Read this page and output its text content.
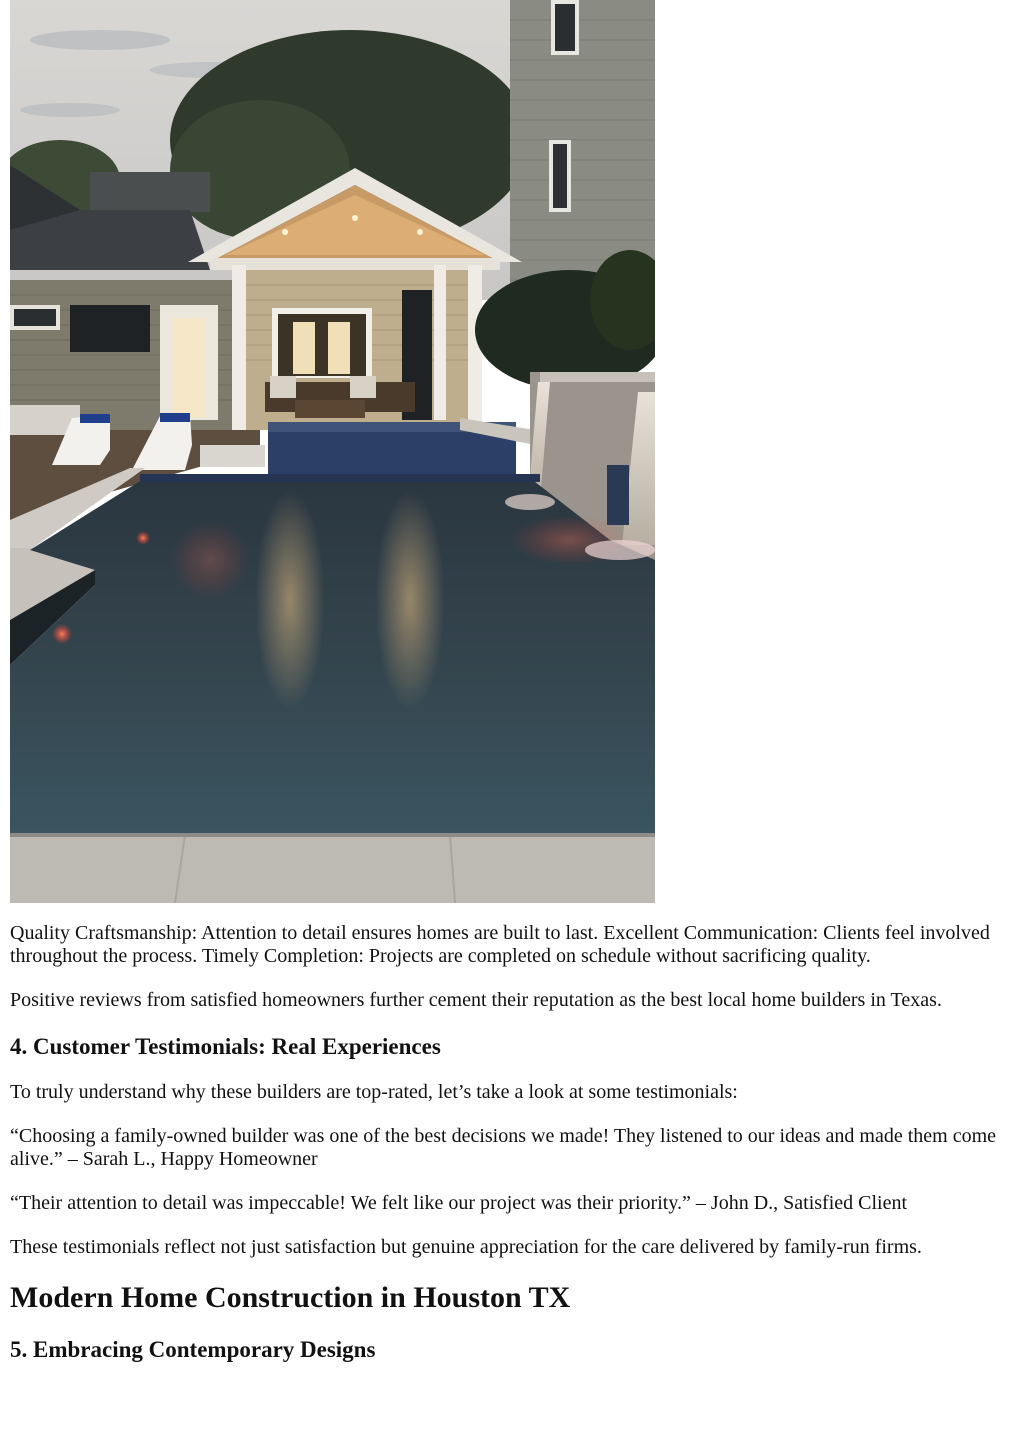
Quality Craftsmanship: Attention to detail ensures homes are built to last. Excellent Communication: Clients feel involved throughout the process. Timely Completion: Projects are completed on schedule without sacrificing quality.

Positive reviews from satisfied homeowners further cement their reputation as the best local home builders in Texas.

4. Customer Testimonials: Real Experiences

To truly understand why these builders are top-rated, let’s take a look at some testimonials:

“Choosing a family-owned builder was one of the best decisions we made! They listened to our ideas and made them come alive.” – Sarah L., Happy Homeowner

“Their attention to detail was impeccable! We felt like our project was their priority.” – John D., Satisfied Client

These testimonials reflect not just satisfaction but genuine appreciation for the care delivered by family-run firms.

Modern Home Construction in Houston TX
5. Embracing Contemporary Designs
